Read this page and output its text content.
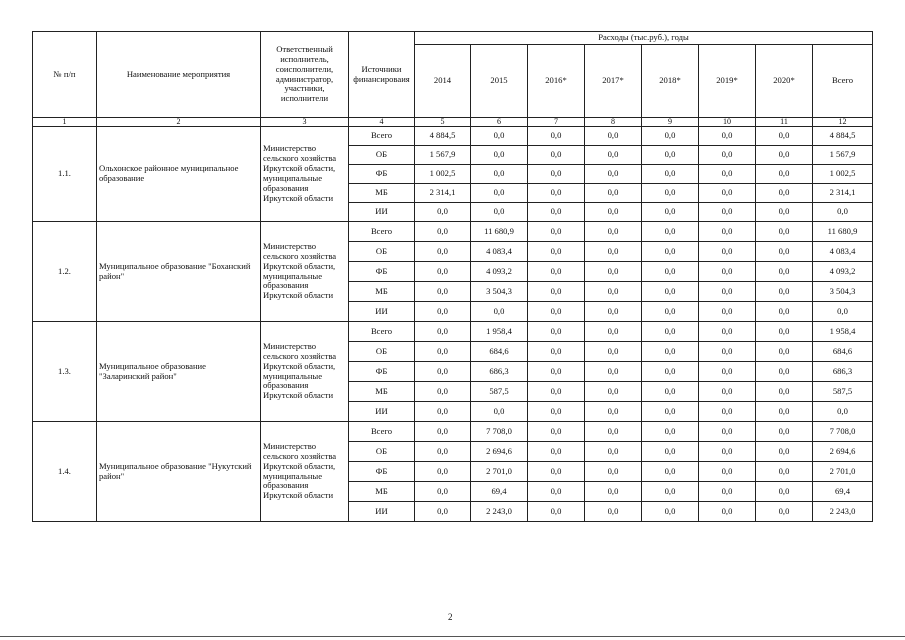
№ п/п	Наименование мероприятия	Ответственный исполнитель, соисполнители, администратор, участники, исполнители	Источники финансироваия	Расходы (тыс.руб.), годы							
				2014	2015	2016*	2017*	2018*	2019*	2020*	Всего
1	2	3	4	5	6	7	8	9	10	11	12
1.1.	Ольхонское районное муниципальное образование	Министерство сельского хозяйства Иркутской области, муниципальные образования Иркутской области	Всего	4 884,5	0,0	0,0	0,0	0,0	0,0	0,0	4 884,5
			ОБ	1 567,9	0,0	0,0	0,0	0,0	0,0	0,0	1 567,9
			ФБ	1 002,5	0,0	0,0	0,0	0,0	0,0	0,0	1 002,5
			МБ	2 314,1	0,0	0,0	0,0	0,0	0,0	0,0	2 314,1
			ИИ	0,0	0,0	0,0	0,0	0,0	0,0	0,0	0,0
1.2.	Муниципальное образование "Боханский район"	Министерство сельского хозяйства Иркутской области, муниципальные образования Иркутской области	Всего	0,0	11 680,9	0,0	0,0	0,0	0,0	0,0	11 680,9
			ОБ	0,0	4 083,4	0,0	0,0	0,0	0,0	0,0	4 083,4
			ФБ	0,0	4 093,2	0,0	0,0	0,0	0,0	0,0	4 093,2
			МБ	0,0	3 504,3	0,0	0,0	0,0	0,0	0,0	3 504,3
			ИИ	0,0	0,0	0,0	0,0	0,0	0,0	0,0	0,0
1.3.	Муниципальное образование "Заларинский район"	Министерство сельского хозяйства Иркутской области, муниципальные образования Иркутской области	Всего	0,0	1 958,4	0,0	0,0	0,0	0,0	0,0	1 958,4
			ОБ	0,0	684,6	0,0	0,0	0,0	0,0	0,0	684,6
			ФБ	0,0	686,3	0,0	0,0	0,0	0,0	0,0	686,3
			МБ	0,0	587,5	0,0	0,0	0,0	0,0	0,0	587,5
			ИИ	0,0	0,0	0,0	0,0	0,0	0,0	0,0	0,0
1.4.	Муниципальное образование "Нукутский район"	Министерство сельского хозяйства Иркутской области, муниципальные образования Иркутской области	Всего	0,0	7 708,0	0,0	0,0	0,0	0,0	0,0	7 708,0
			ОБ	0,0	2 694,6	0,0	0,0	0,0	0,0	0,0	2 694,6
			ФБ	0,0	2 701,0	0,0	0,0	0,0	0,0	0,0	2 701,0
			МБ	0,0	69,4	0,0	0,0	0,0	0,0	0,0	69,4
			ИИ	0,0	2 243,0	0,0	0,0	0,0	0,0	0,0	2 243,0
2
